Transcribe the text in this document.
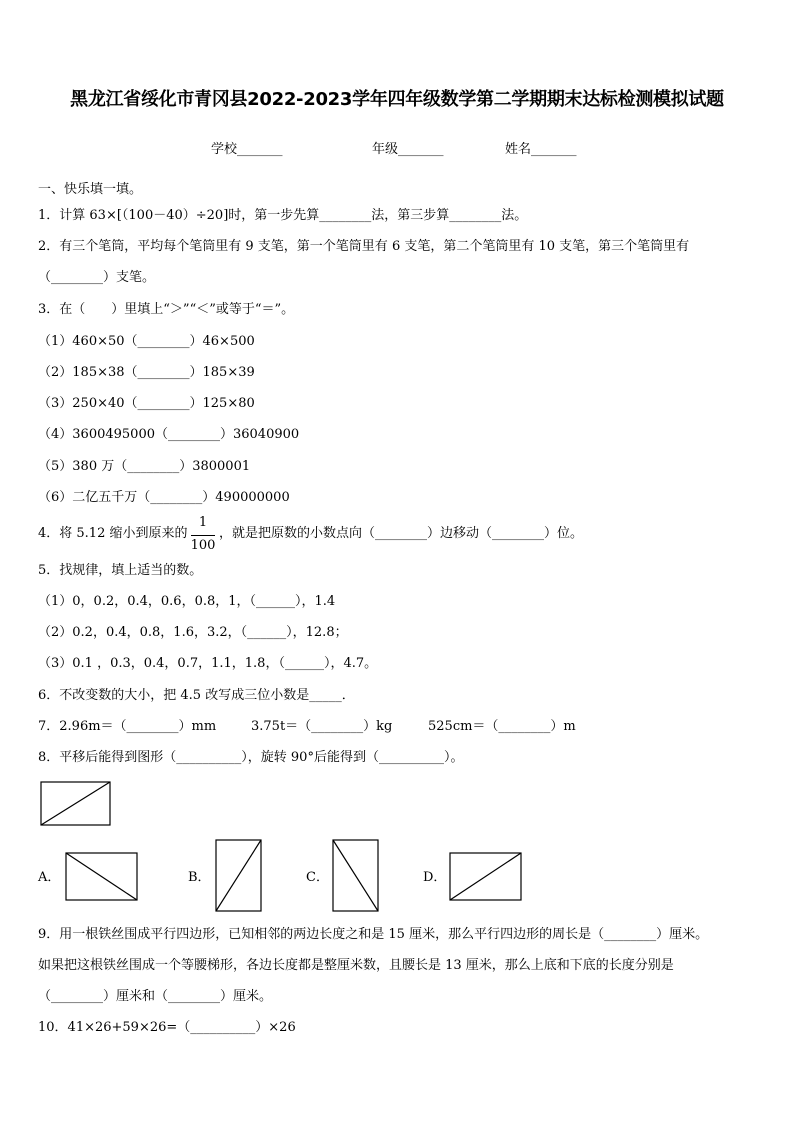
黑龙江省绥化市青冈县2022-2023学年四年级数学第二学期期末达标检测模拟试题
学校_______	年级_______	姓名_______
一、快乐填一填。
1．计算 63×[（100－40）÷20]时，第一步先算________法，第三步算________法。
2．有三个笔筒，平均每个笔筒里有 9 支笔，第一个笔筒里有 6 支笔，第二个笔筒里有 10 支笔，第三个笔筒里有
（________）支笔。
3．在（　　）里填上“＞”“＜”或等于“＝”。
（1）460×50（________）46×500
（2）185×38（________）185×39
（3）250×40（________）125×80
（4）3600495000（________）36040900
（5）380 万（________）3800001
（6）二亿五千万（________）490000000
4．将 5.12 缩小到原来的
1
100
，就是把原数的小数点向（________）边移动（________）位。
5．找规律，填上适当的数。
（1）0，0.2，0.4，0.6，0.8，1，（______），1.4
（2）0.2，0.4，0.8，1.6，3.2，（______），12.8；
（3）0.1 ，0.3，0.4，0.7，1.1，1.8，（______），4.7。
6．不改变数的大小，把 4.5 改写成三位小数是_____．
7．2.96m＝（________）mm	3.75t＝（________）kg	525cm＝（________）m
8．平移后能得到图形（__________），旋转 90°后能得到（__________）。
A．	B．	C．	D．
9．用一根铁丝围成平行四边形，已知相邻的两边长度之和是 15 厘米，那么平行四边形的周长是（________）厘米。
如果把这根铁丝围成一个等腰梯形，各边长度都是整厘米数，且腰长是 13 厘米，那么上底和下底的长度分别是
（________）厘米和（________）厘米。
10．41×26+59×26=（__________）×26
